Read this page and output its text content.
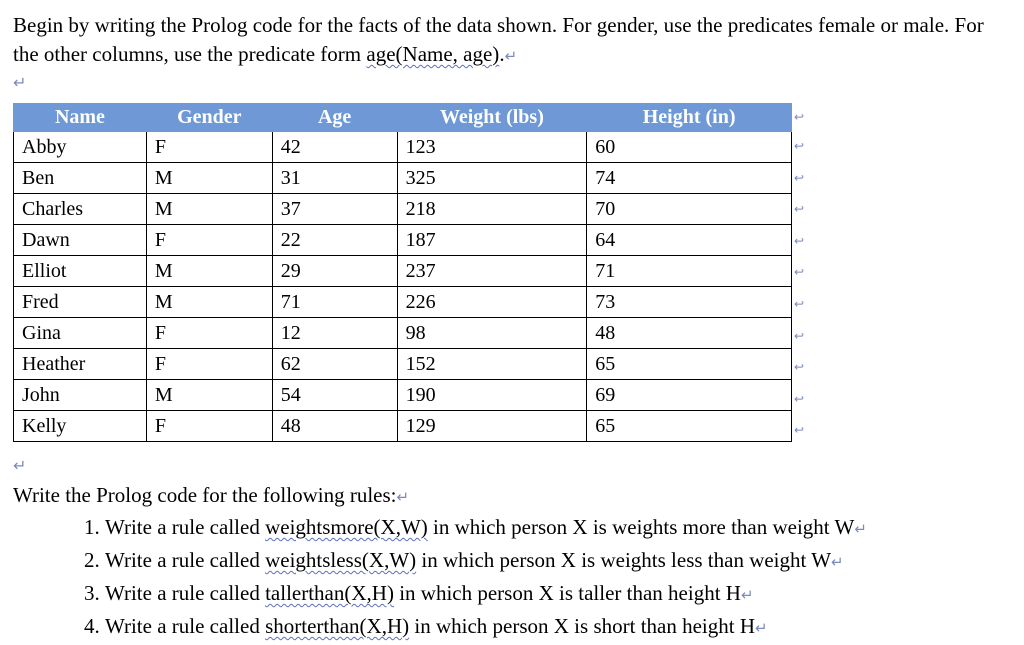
Begin by writing the Prolog code for the facts of the data shown. For gender, use the predicates female or male. For the other columns, use the predicate form age(Name, age).↵
↵
Name	Gender	Age	Weight (lbs)	Height (in)
Abby	F	42	123	60
Ben	M	31	325	74
Charles	M	37	218	70
Dawn	F	22	187	64
Elliot	M	29	237	71
Fred	M	71	226	73
Gina	F	12	98	48
Heather	F	62	152	65
John	M	54	190	69
Kelly	F	48	129	65
↩
↩
↩
↩
↩
↩
↩
↩
↩
↩
↩
↵
Write the Prolog code for the following rules:↵
1. Write a rule called weightsmore(X,W) in which person X is weights more than weight W↵
2. Write a rule called weightsless(X,W) in which person X is weights less than weight W↵
3. Write a rule called tallerthan(X,H) in which person X is taller than height H↵
4. Write a rule called shorterthan(X,H) in which person X is short than height H↵
